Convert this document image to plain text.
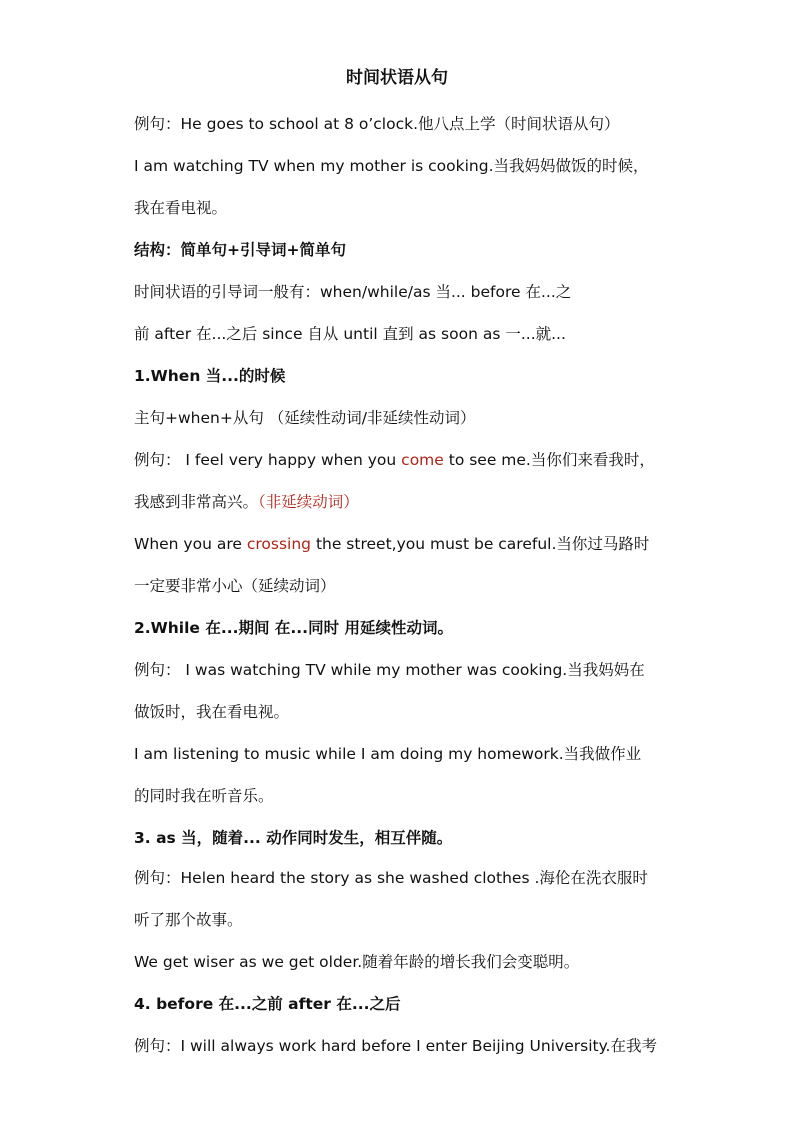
时间状语从句
例句：He goes to school at 8 o’clock.他八点上学（时间状语从句）
I am watching TV when my mother is cooking.当我妈妈做饭的时候，
我在看电视。
结构：简单句+引导词+简单句
时间状语的引导词一般有：when/while/as 当... before 在...之
前 after 在...之后 since 自从 until 直到 as soon as 一...就...
1.When 当...的时候
主句+when+从句 （延续性动词/非延续性动词）
例句： I feel very happy when you come to see me.当你们来看我时，
我感到非常高兴。（非延续动词）
When you are crossing the street,you must be careful.当你过马路时
一定要非常小心（延续动词）
2.While 在...期间 在...同时 用延续性动词。
例句： I was watching TV while my mother was cooking.当我妈妈在
做饭时，我在看电视。
I am listening to music while I am doing my homework.当我做作业
的同时我在听音乐。
3. as 当，随着... 动作同时发生，相互伴随。
例句：Helen heard the story as she washed clothes .海伦在洗衣服时
听了那个故事。
We get wiser as we get older.随着年龄的增长我们会变聪明。
4. before 在...之前 after 在...之后
例句：I will always work hard before I enter Beijing University.在我考
